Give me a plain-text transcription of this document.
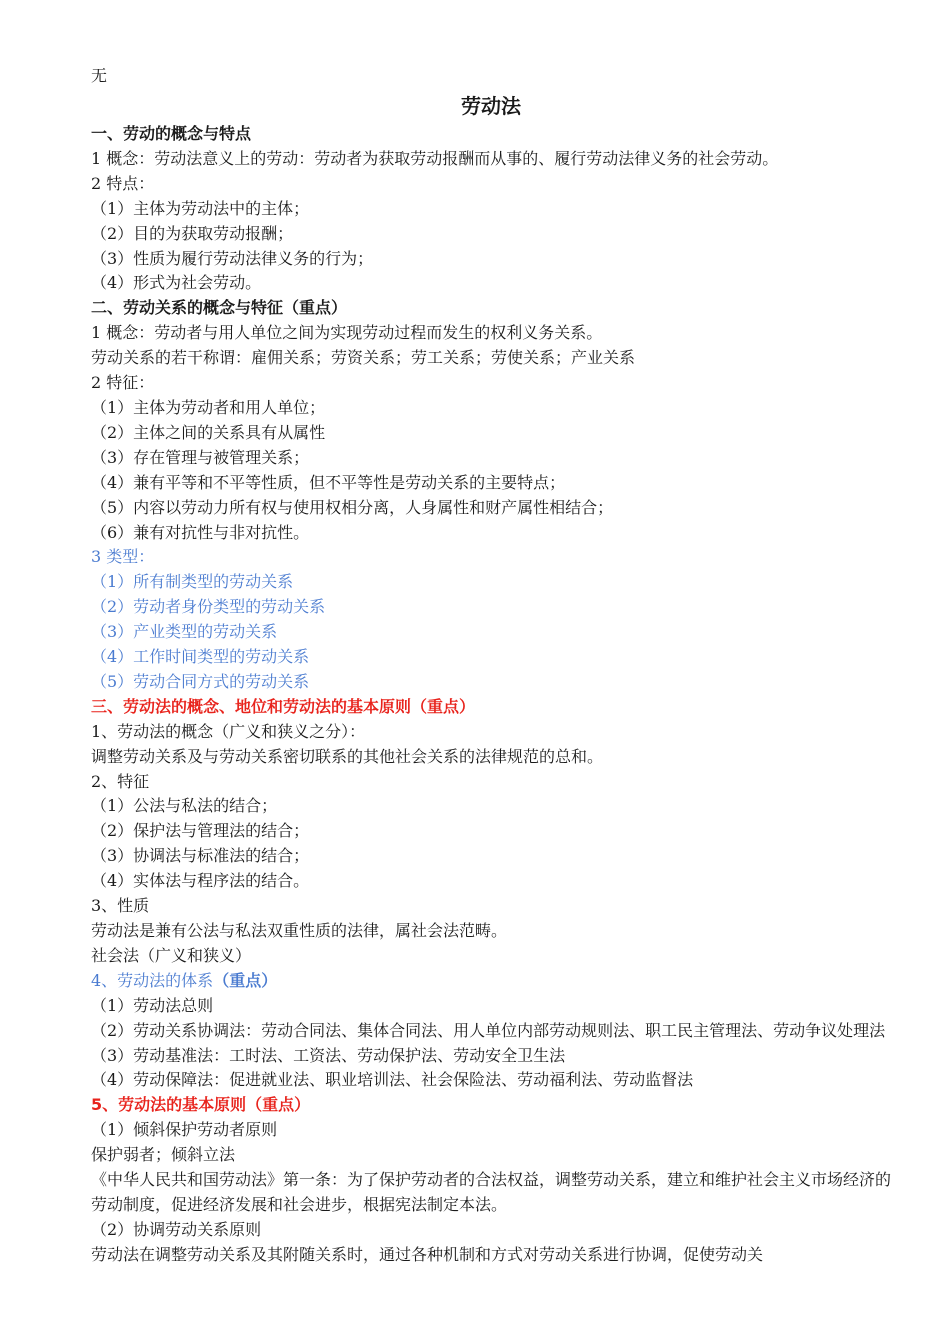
无
劳动法
一、劳动的概念与特点
1 概念：劳动法意义上的劳动：劳动者为获取劳动报酬而从事的、履行劳动法律义务的社会劳动。
2 特点：
（1）主体为劳动法中的主体；
（2）目的为获取劳动报酬；
（3）性质为履行劳动法律义务的行为；
（4）形式为社会劳动。
二、劳动关系的概念与特征（重点）
1 概念：劳动者与用人单位之间为实现劳动过程而发生的权利义务关系。
劳动关系的若干称谓：雇佣关系；劳资关系；劳工关系；劳使关系；产业关系
2 特征：
（1）主体为劳动者和用人单位；
（2）主体之间的关系具有从属性
（3）存在管理与被管理关系；
（4）兼有平等和不平等性质，但不平等性是劳动关系的主要特点；
（5）内容以劳动力所有权与使用权相分离，人身属性和财产属性相结合；
（6）兼有对抗性与非对抗性。
3 类型：
（1）所有制类型的劳动关系
（2）劳动者身份类型的劳动关系
（3）产业类型的劳动关系
（4）工作时间类型的劳动关系
（5）劳动合同方式的劳动关系
三、劳动法的概念、地位和劳动法的基本原则（重点）
1、劳动法的概念（广义和狭义之分）：
调整劳动关系及与劳动关系密切联系的其他社会关系的法律规范的总和。
2、特征
（1）公法与私法的结合；
（2）保护法与管理法的结合；
（3）协调法与标准法的结合；
（4）实体法与程序法的结合。
3、性质
劳动法是兼有公法与私法双重性质的法律，属社会法范畴。
社会法（广义和狭义）
4、劳动法的体系（重点）
（1）劳动法总则
（2）劳动关系协调法：劳动合同法、集体合同法、用人单位内部劳动规则法、职工民主管理法、劳动争议处理法
（3）劳动基准法：工时法、工资法、劳动保护法、劳动安全卫生法
（4）劳动保障法：促进就业法、职业培训法、社会保险法、劳动福利法、劳动监督法
5、劳动法的基本原则（重点）
（1）倾斜保护劳动者原则
保护弱者；倾斜立法
《中华人民共和国劳动法》第一条：为了保护劳动者的合法权益，调整劳动关系，建立和维护社会主义市场经济的劳动制度，促进经济发展和社会进步，根据宪法制定本法。
（2）协调劳动关系原则
劳动法在调整劳动关系及其附随关系时，通过各种机制和方式对劳动关系进行协调，促使劳动关
